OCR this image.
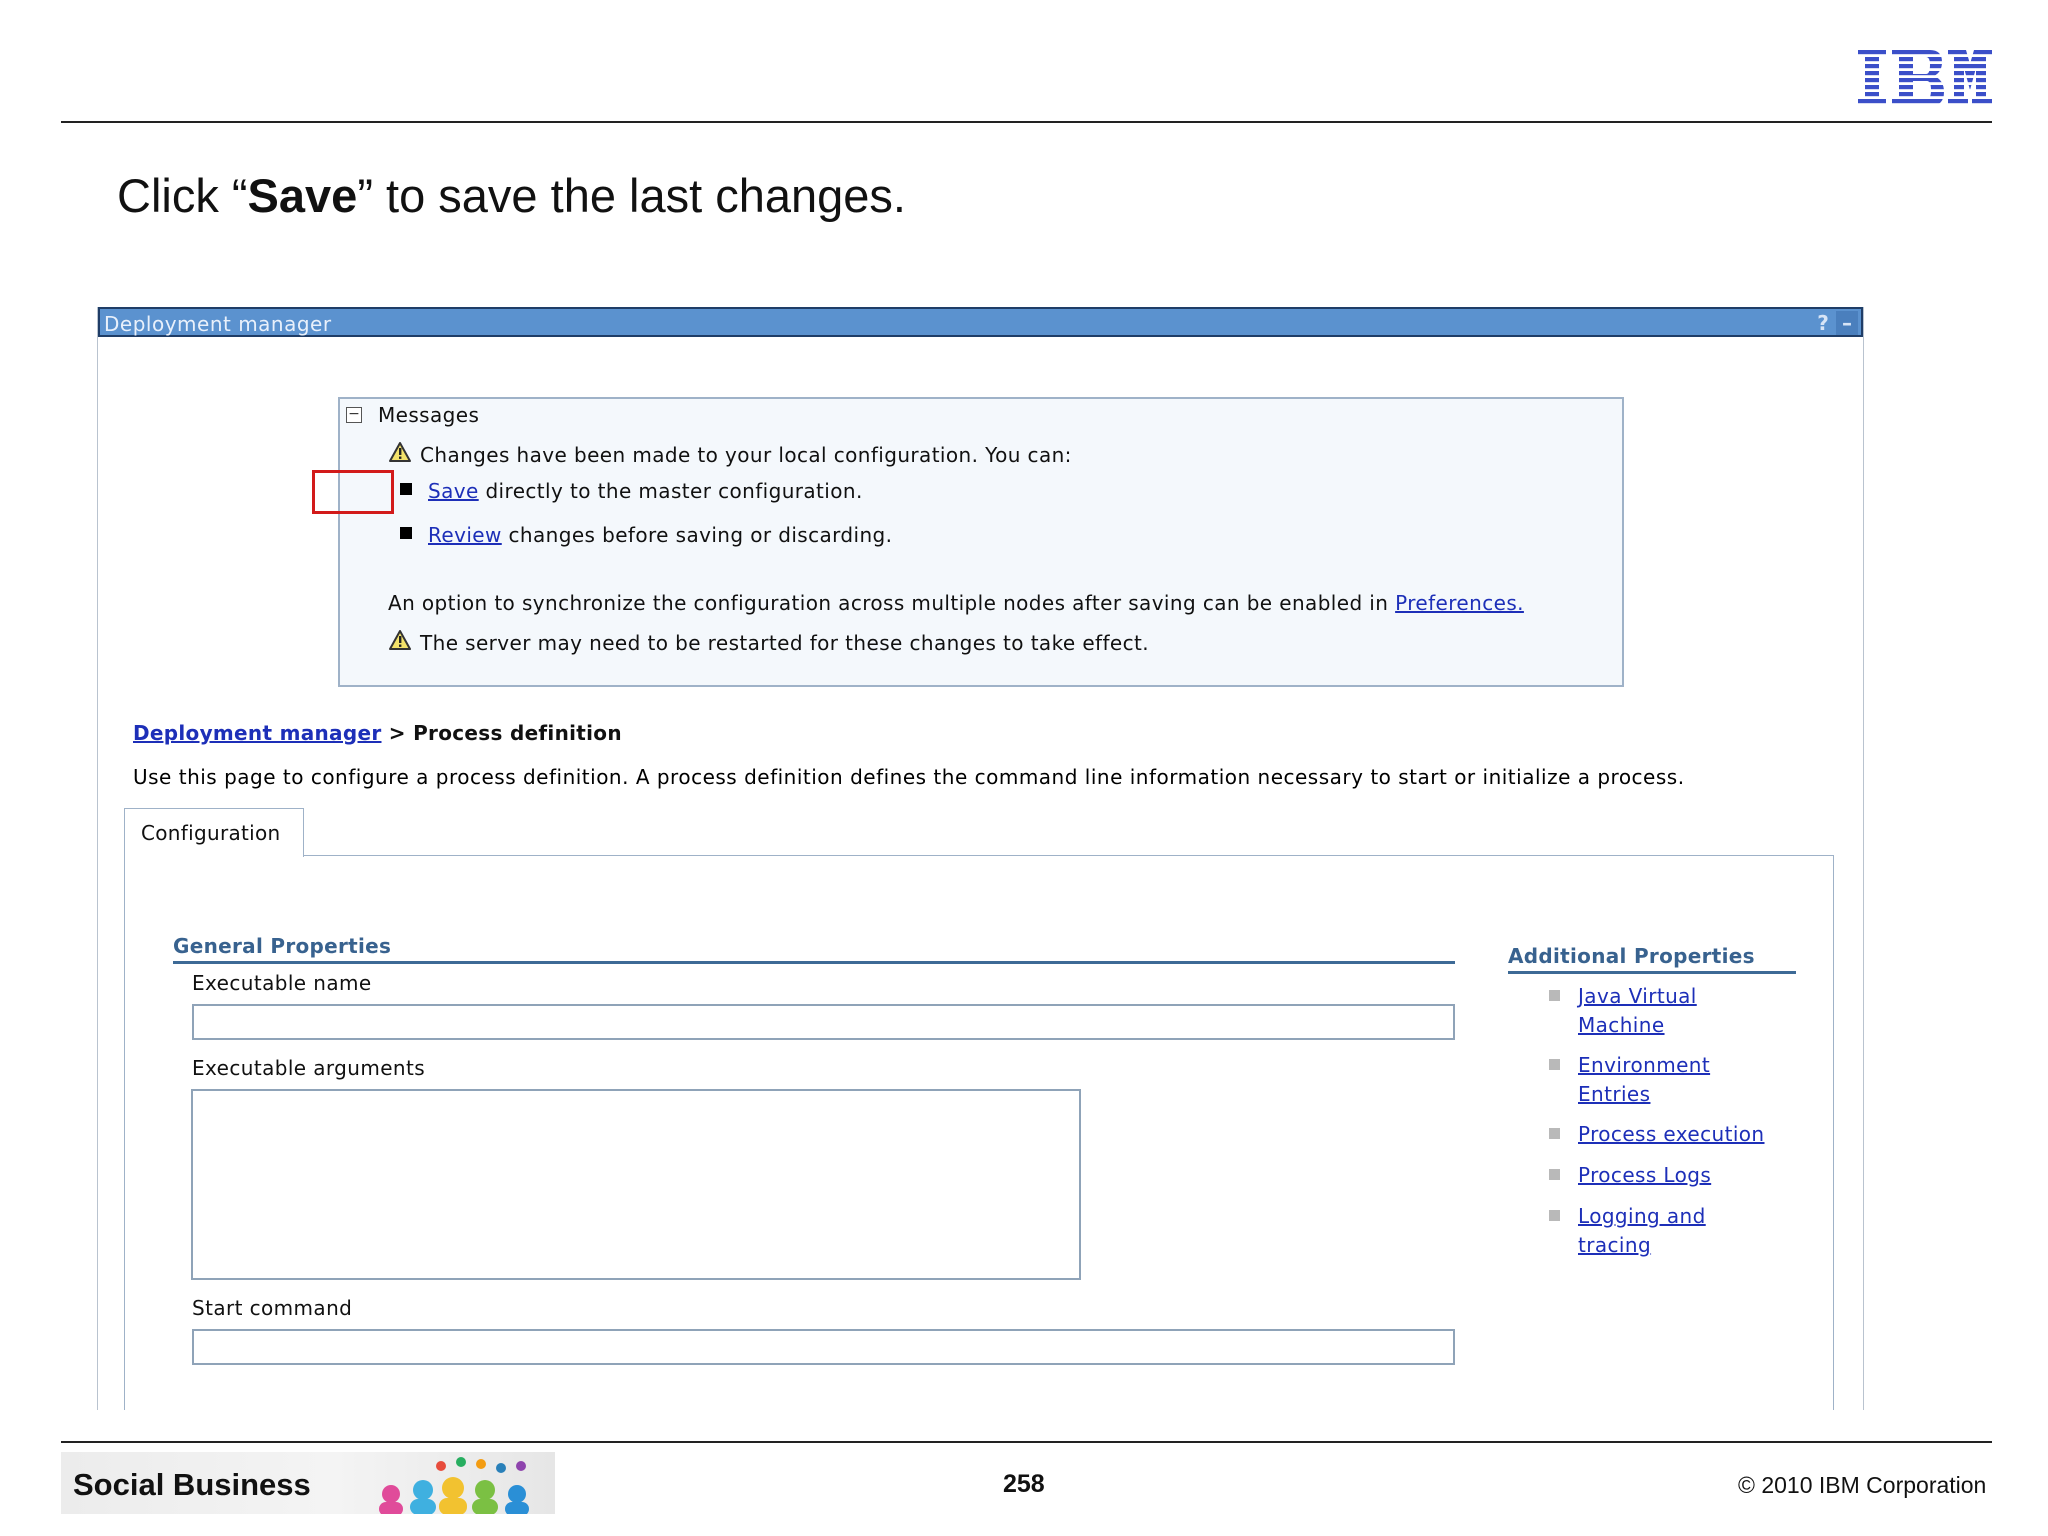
Click “Save” to save the last changes.
Deployment manager	? –
− Messages
Changes have been made to your local configuration. You can:
Save directly to the master configuration.
Review changes before saving or discarding.
An option to synchronize the configuration across multiple nodes after saving can be enabled in Preferences.
The server may need to be restarted for these changes to take effect.
Deployment manager > Process definition
Use this page to configure a process definition. A process definition defines the command line information necessary to start or initialize a process.
Configuration
General Properties
Executable name
Executable arguments
Start command
Additional Properties
Java Virtual Machine
Environment Entries
Process execution
Process Logs
Logging and tracing
Social Business	258	© 2010 IBM Corporation
